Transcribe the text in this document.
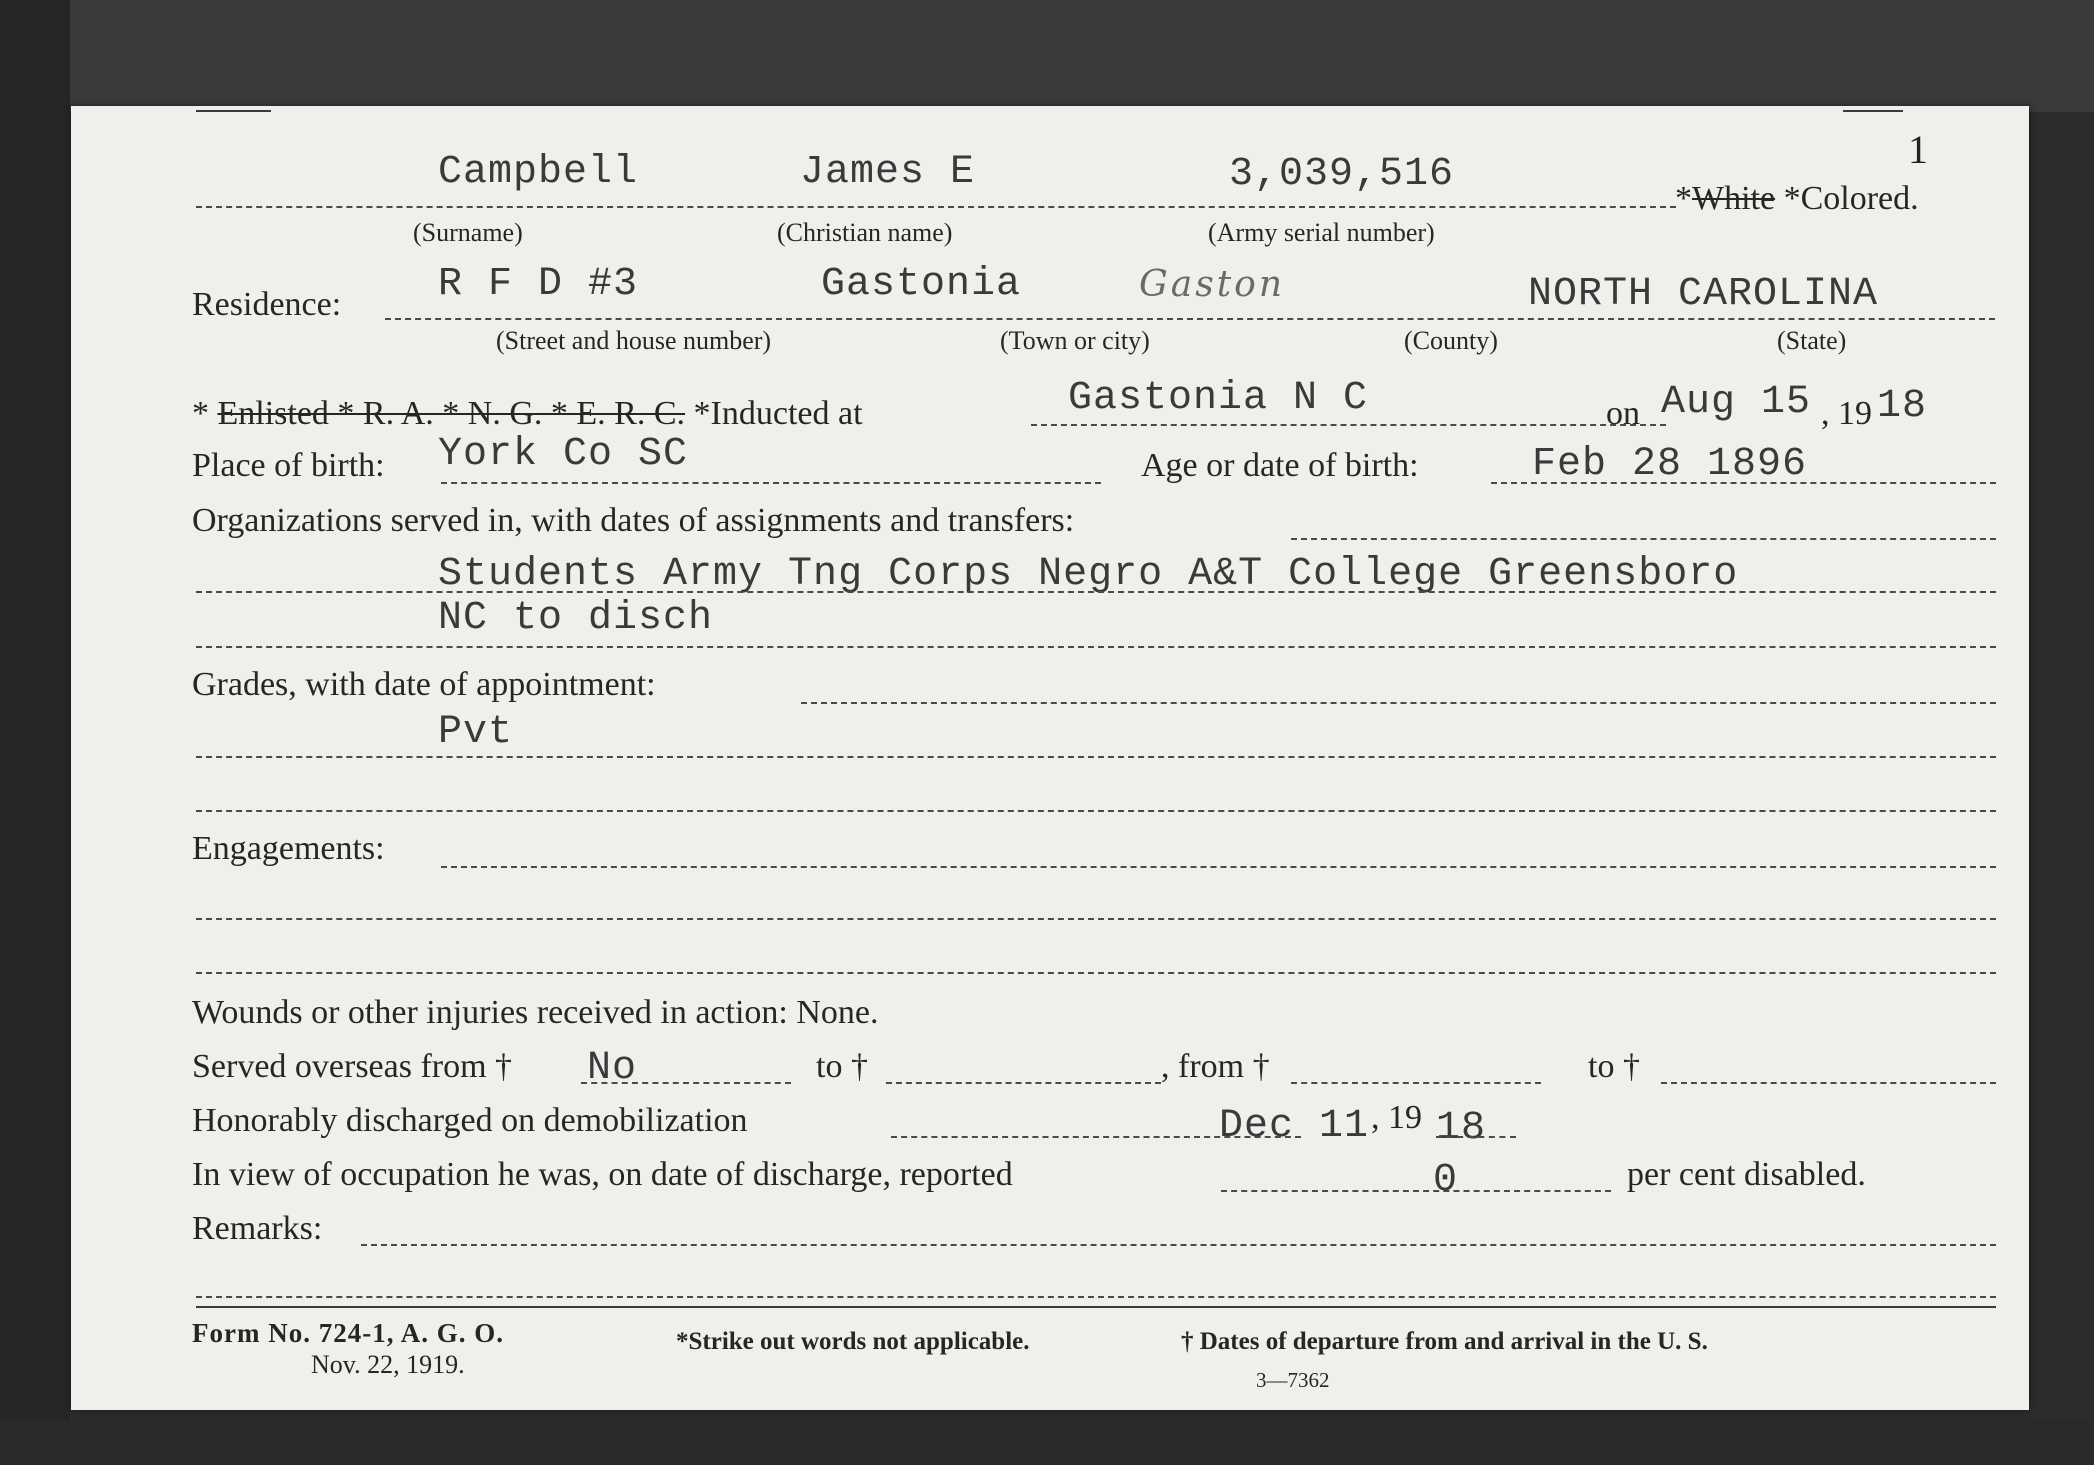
1
Campbell	James E	3,039,516
*White *Colored.
(Surname)	(Christian name)	(Army serial number)
Residence: R F D #3	Gastonia	Gaston	NORTH CAROLINA
(Street and house number)	(Town or city)	(County)	(State)
* Enlisted * R. A. * N. G. * E. R. C. *Inducted at	Gastonia N C	on Aug 15 , 19 18
Place of birth: York Co SC	Age or date of birth:	Feb 28 1896
Organizations served in, with dates of assignments and transfers:
Students Army Tng Corps Negro A&T College Greensboro
NC to disch
Grades, with date of appointment:
Pvt
Engagements:
Wounds or other injuries received in action: None.
Served overseas from † No	to †	, from †	to †
Honorably discharged on demobilization	Dec 11 , 19 18
In view of occupation he was, on date of discharge, reported	0	per cent disabled.
Remarks:
Form No. 724-1, A. G. O.
Nov. 22, 1919.
*Strike out words not applicable.	† Dates of departure from and arrival in the U. S.
3—7362
